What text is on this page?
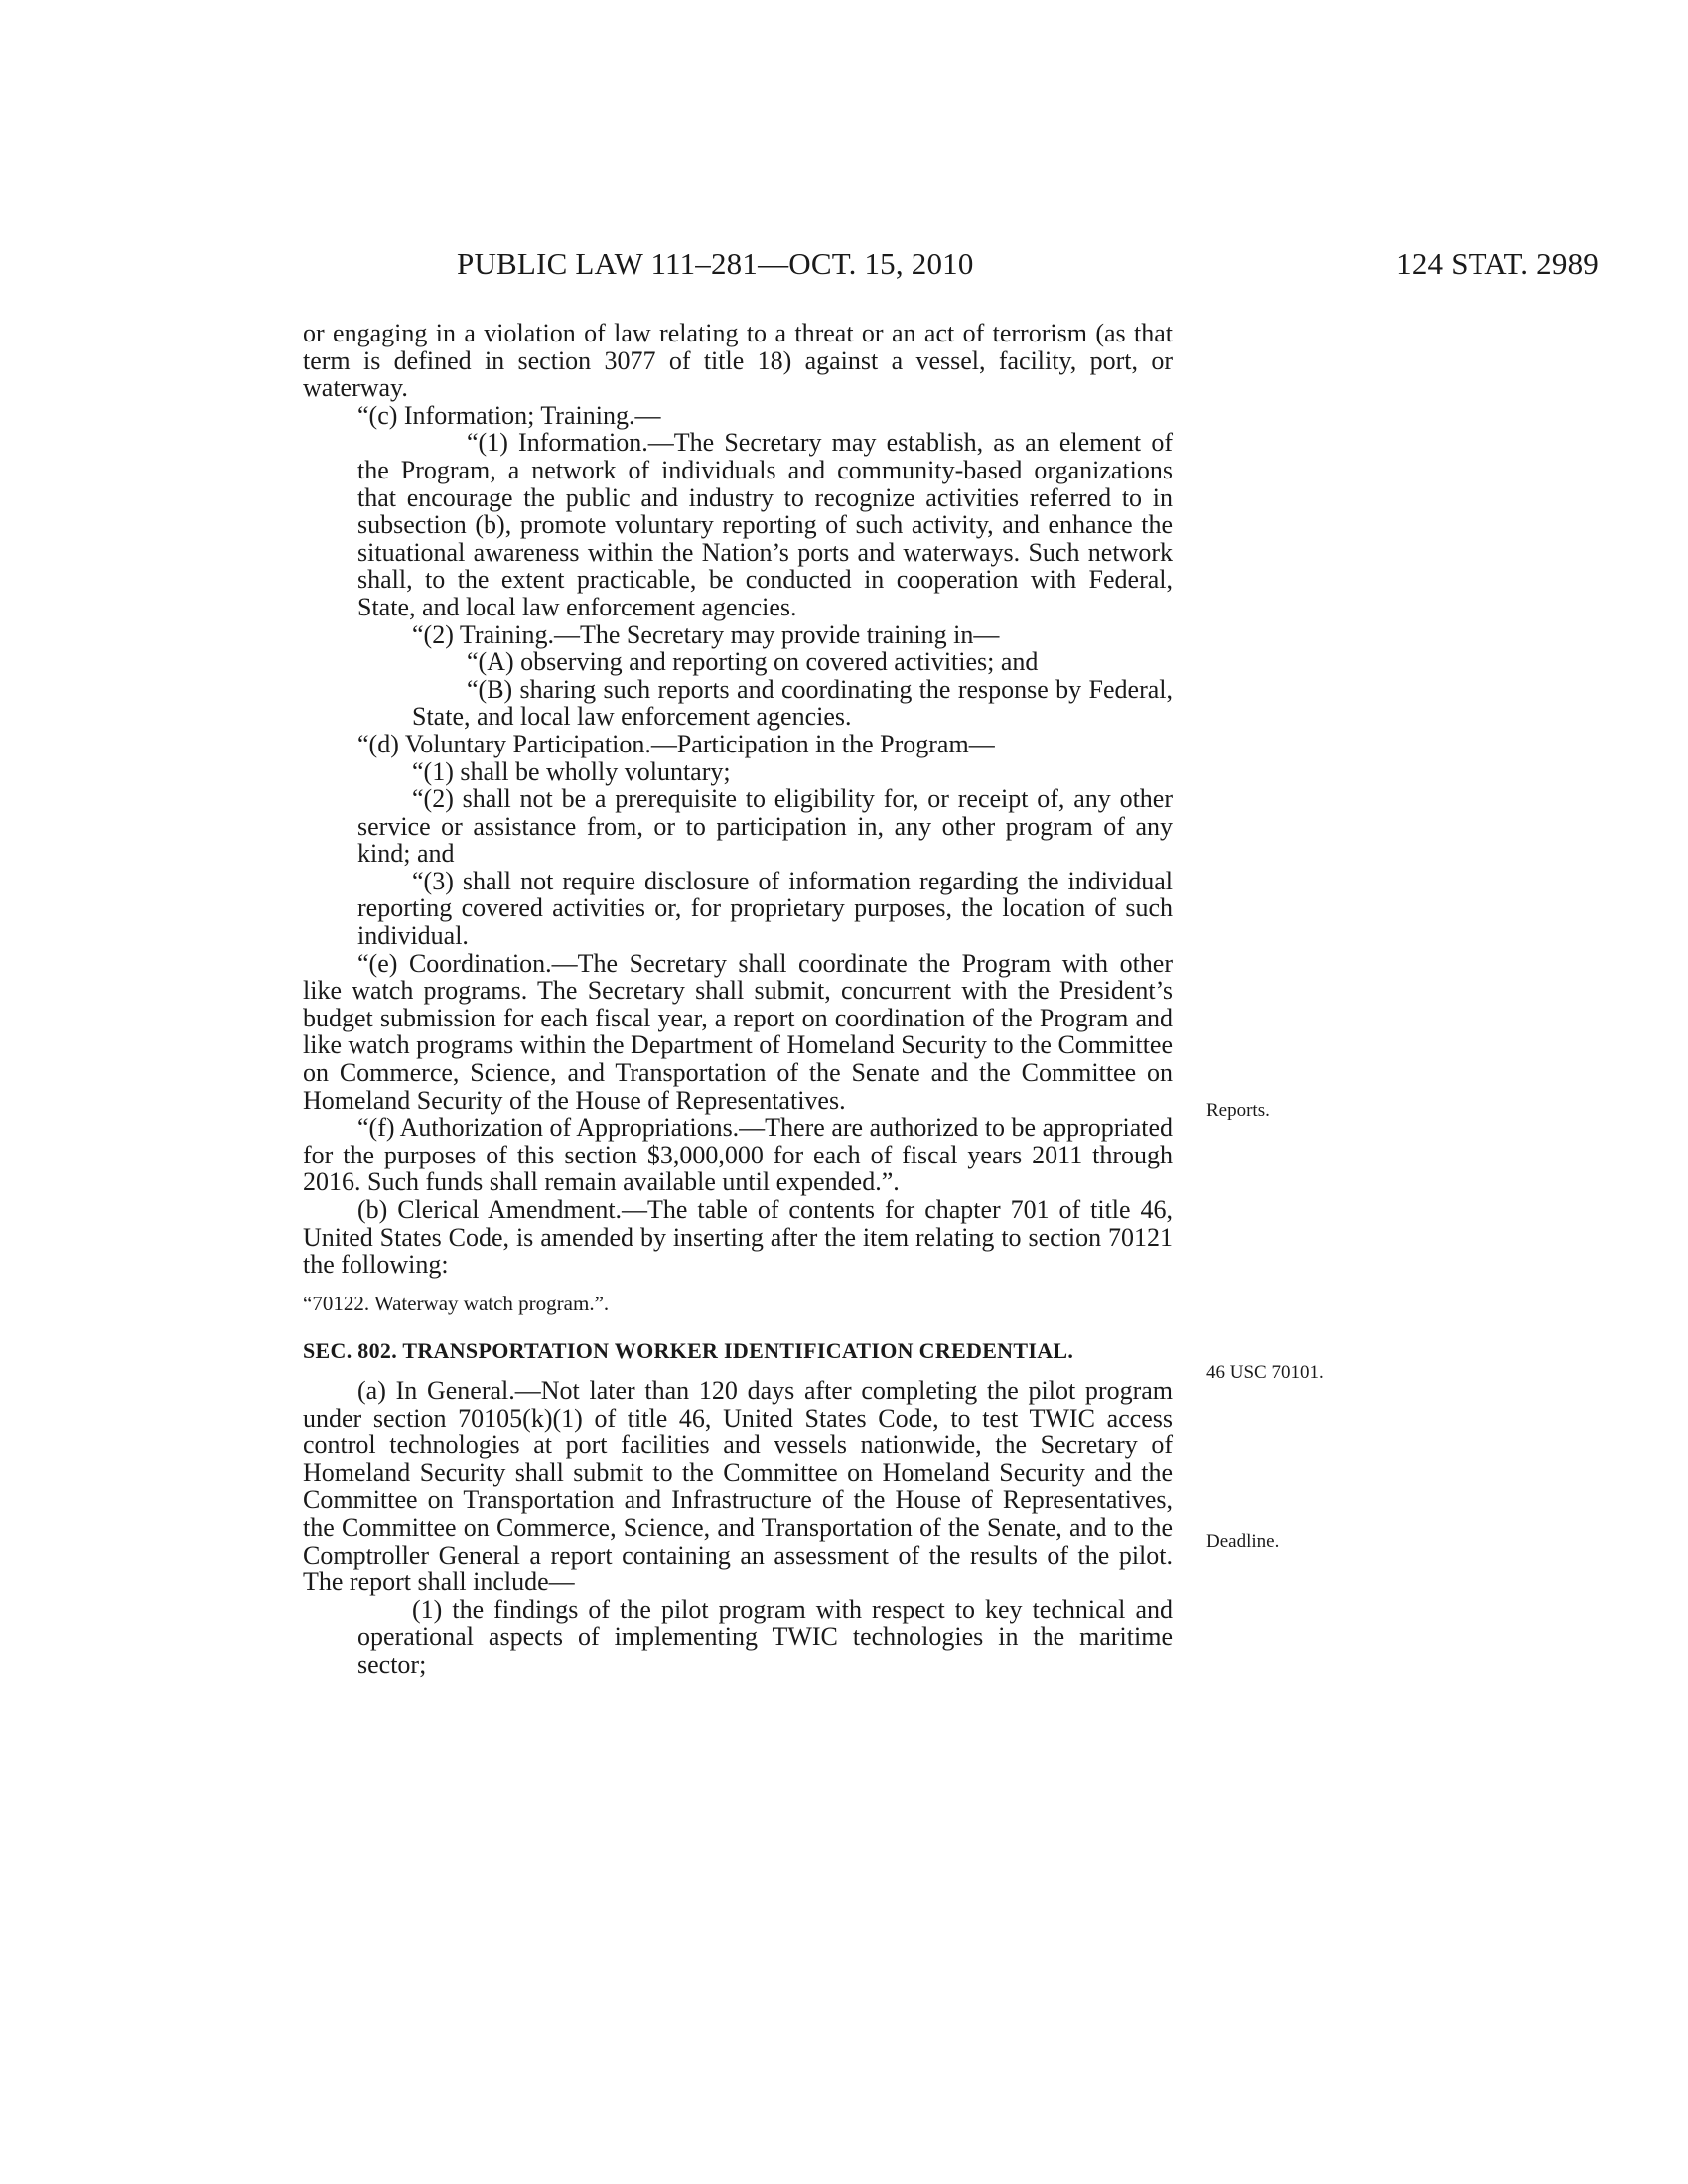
PUBLIC LAW 111–281—OCT. 15, 2010	124 STAT. 2989

or engaging in a violation of law relating to a threat or an act of terrorism (as that term is defined in section 3077 of title 18) against a vessel, facility, port, or waterway.

“(c) Information; Training.—

“(1) Information.—The Secretary may establish, as an element of the Program, a network of individuals and community-based organizations that encourage the public and industry to recognize activities referred to in subsection (b), promote voluntary reporting of such activity, and enhance the situational awareness within the Nation’s ports and waterways. Such network shall, to the extent practicable, be conducted in cooperation with Federal, State, and local law enforcement agencies.

“(2) Training.—The Secretary may provide training in—

“(A) observing and reporting on covered activities; and

“(B) sharing such reports and coordinating the response by Federal, State, and local law enforcement agencies.

“(d) Voluntary Participation.—Participation in the Program—

“(1) shall be wholly voluntary;

“(2) shall not be a prerequisite to eligibility for, or receipt of, any other service or assistance from, or to participation in, any other program of any kind; and

“(3) shall not require disclosure of information regarding the individual reporting covered activities or, for proprietary purposes, the location of such individual.

“(e) Coordination.—The Secretary shall coordinate the Program with other like watch programs. The Secretary shall submit, concurrent with the President’s budget submission for each fiscal year, a report on coordination of the Program and like watch programs within the Department of Homeland Security to the Committee on Commerce, Science, and Transportation of the Senate and the Committee on Homeland Security of the House of Representatives.

“(f) Authorization of Appropriations.—There are authorized to be appropriated for the purposes of this section $3,000,000 for each of fiscal years 2011 through 2016. Such funds shall remain available until expended.”.

(b) Clerical Amendment.—The table of contents for chapter 701 of title 46, United States Code, is amended by inserting after the item relating to section 70121 the following:

“70122. Waterway watch program.”.

SEC. 802. TRANSPORTATION WORKER IDENTIFICATION CREDENTIAL.

(a) In General.—Not later than 120 days after completing the pilot program under section 70105(k)(1) of title 46, United States Code, to test TWIC access control technologies at port facilities and vessels nationwide, the Secretary of Homeland Security shall submit to the Committee on Homeland Security and the Committee on Transportation and Infrastructure of the House of Representatives, the Committee on Commerce, Science, and Transportation of the Senate, and to the Comptroller General a report containing an assessment of the results of the pilot. The report shall include—

(1) the findings of the pilot program with respect to key technical and operational aspects of implementing TWIC technologies in the maritime sector;

Reports.
46 USC 70101.
Deadline.
